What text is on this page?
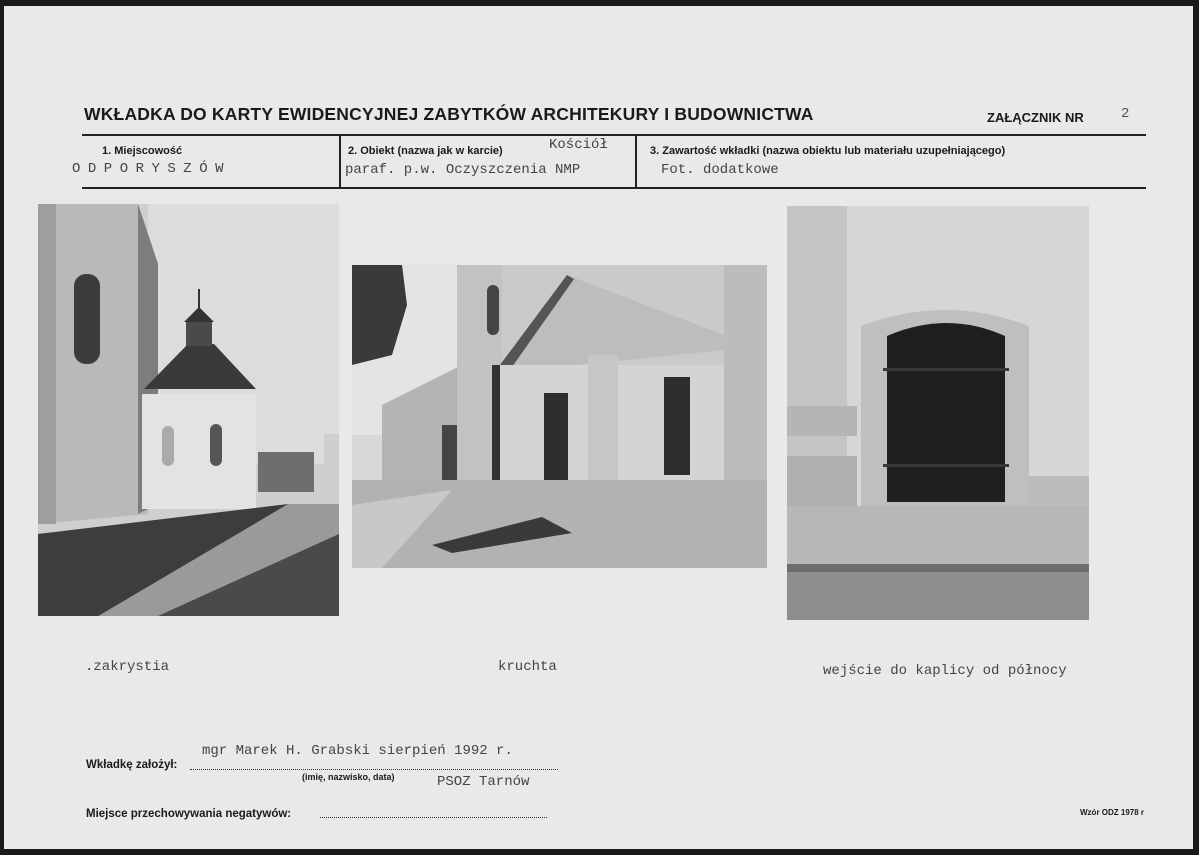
WKŁADKA DO KARTY EWIDENCYJNEJ ZABYTKÓW ARCHITEKURY I BUDOWNICTWA	ZAŁĄCZNIK NR	2
1. Miejscowość
ODPORYSZÓW
2. Obiekt (nazwa jak w karcie)	Kościół
paraf. p.w. Oczyszczenia NMP
3. Zawartość wkładki (nazwa obiektu lub materiału uzupełniającego)
Fot. dodatkowe
.zakrystia	kruchta	wejście do kaplicy od północy
Wkładkę założył:
mgr Marek H. Grabski sierpień 1992 r.
(imię, nazwisko, data)	PSOZ Tarnów
Miejsce przechowywania negatywów:	Wzór ODZ 1978 r
